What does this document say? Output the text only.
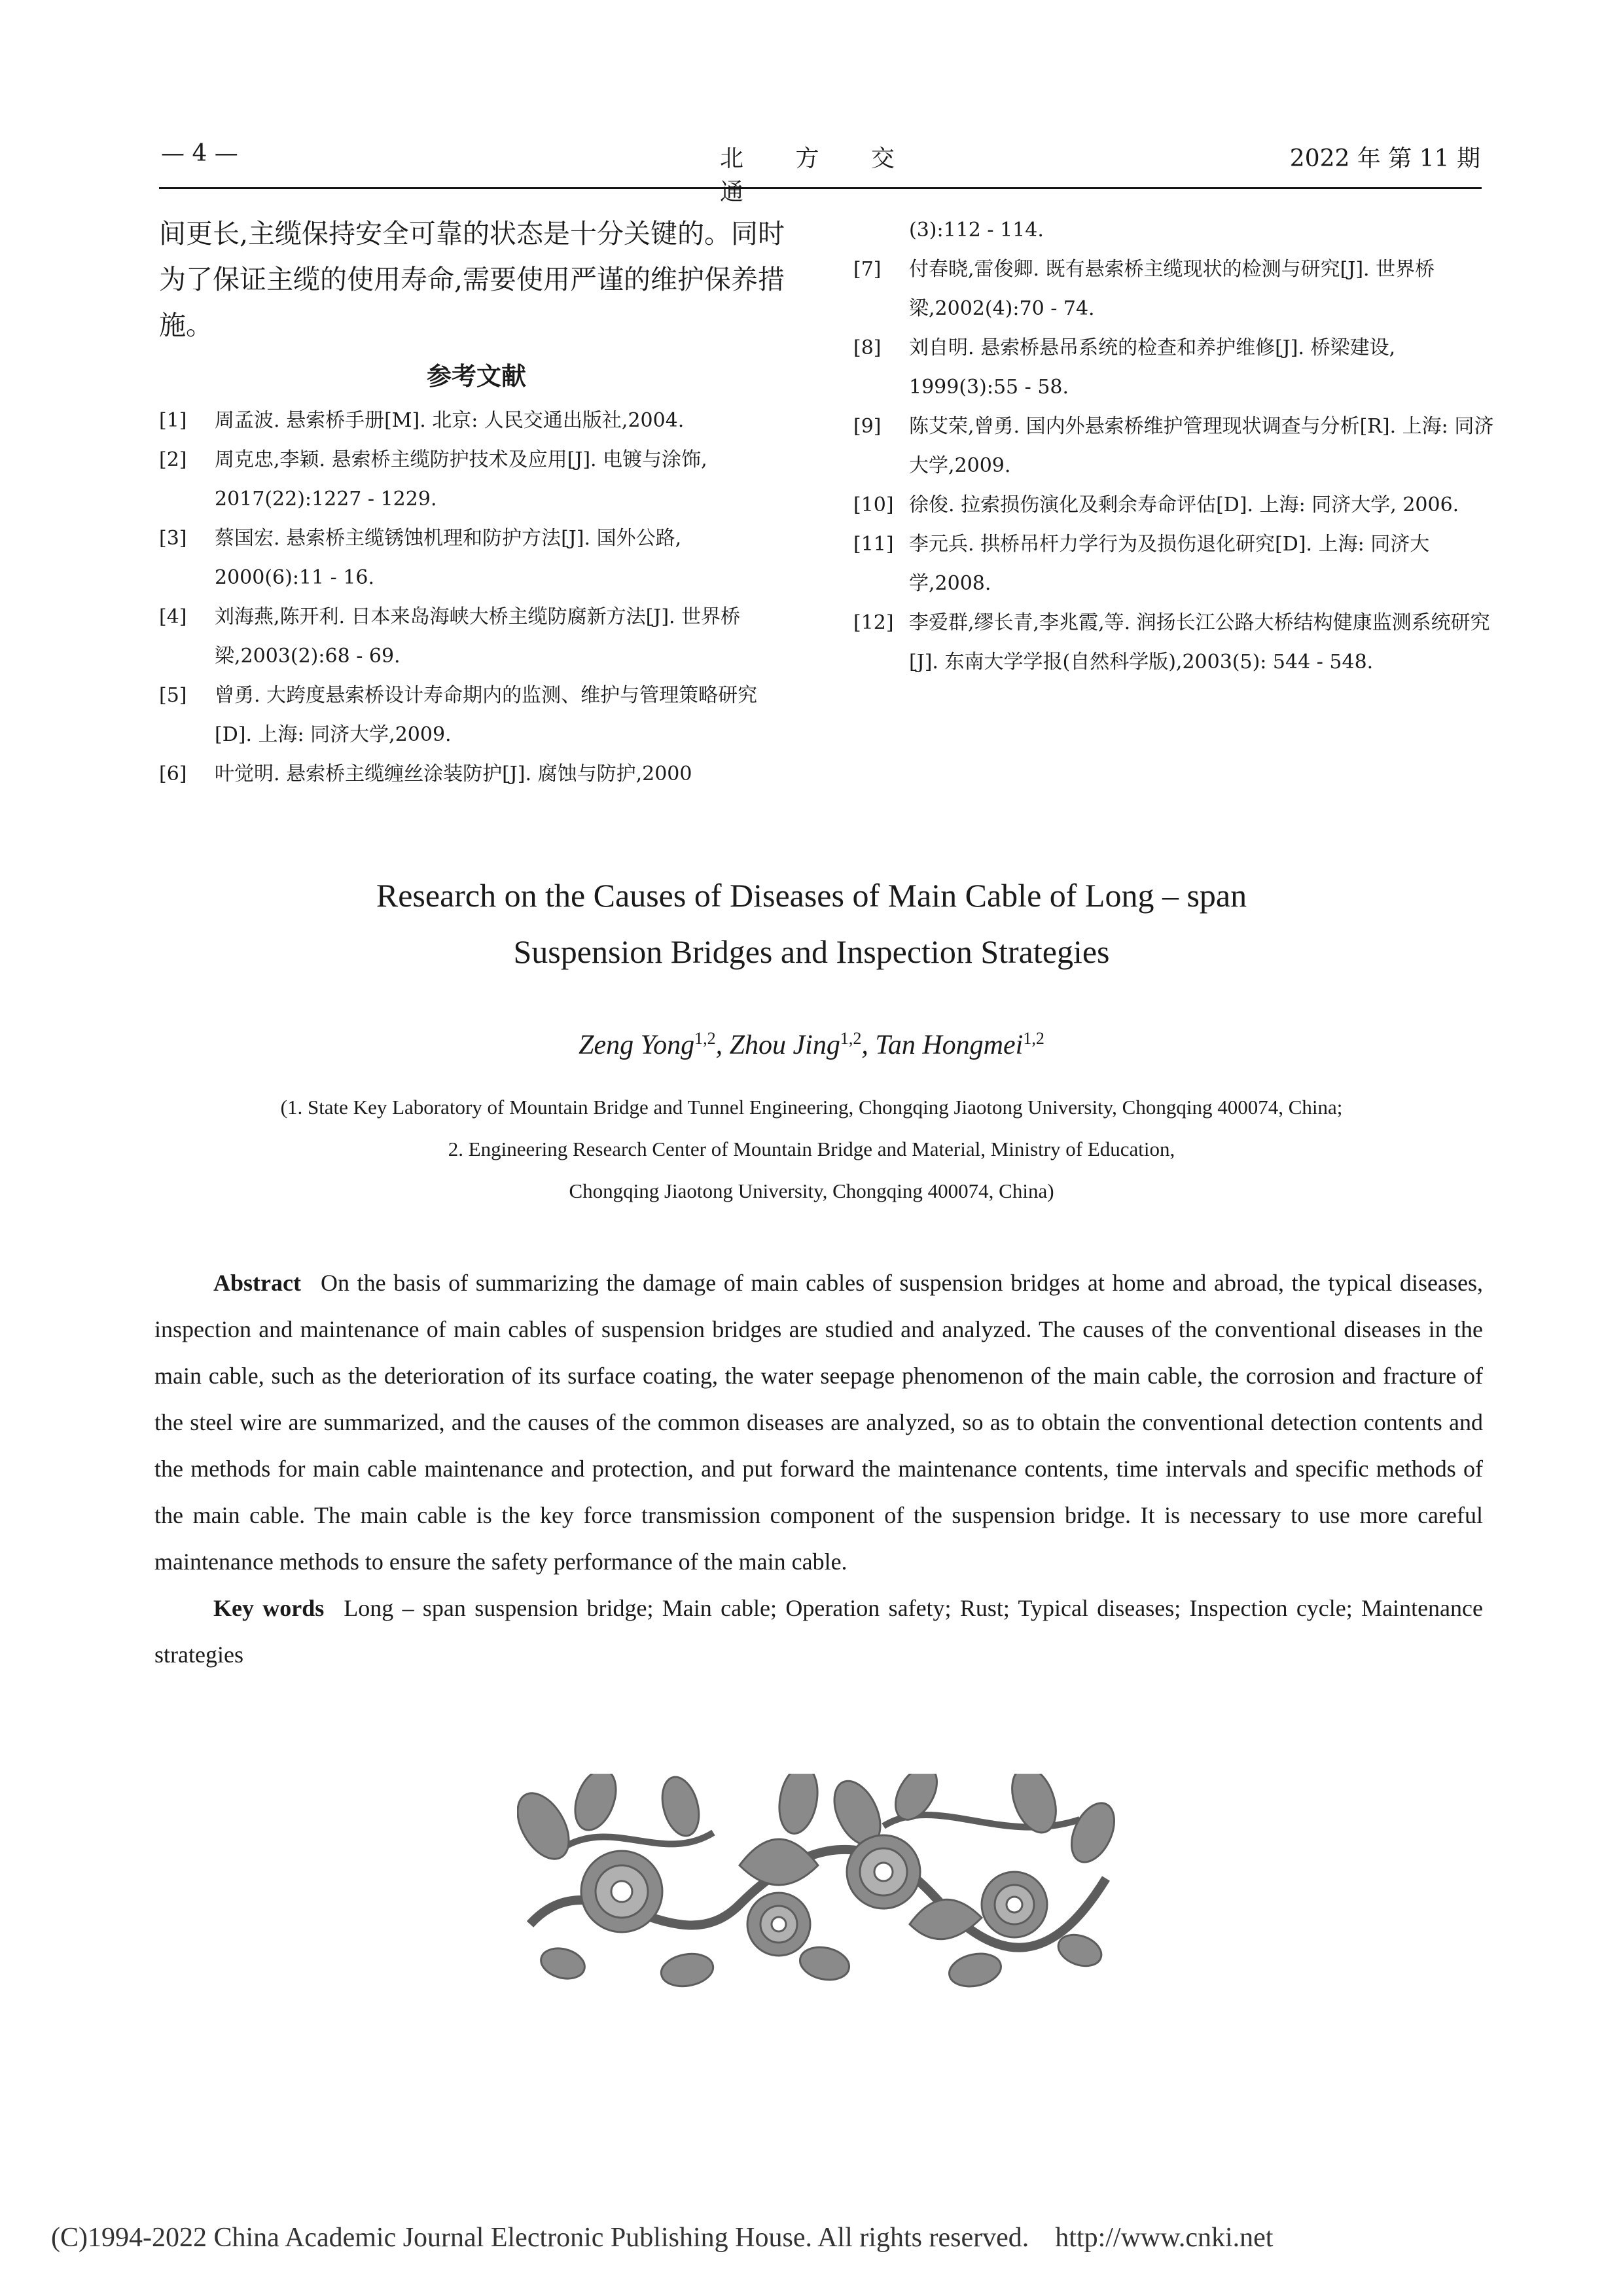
— 4 —	北 方 交 通
2022 年 第 11 期

间更长,主缆保持安全可靠的状态是十分关键的。同时为了保证主缆的使用寿命,需要使用严谨的维护保养措施。

参考文献
[1]	周孟波. 悬索桥手册[M]. 北京: 人民交通出版社,2004.
[2]	周克忠,李颖. 悬索桥主缆防护技术及应用[J]. 电镀与涂饰, 2017(22):1227 - 1229.
[3]	蔡国宏. 悬索桥主缆锈蚀机理和防护方法[J]. 国外公路, 2000(6):11 - 16.
[4]	刘海燕,陈开利. 日本来岛海峡大桥主缆防腐新方法[J]. 世界桥梁,2003(2):68 - 69.
[5]	曾勇. 大跨度悬索桥设计寿命期内的监测、维护与管理策略研究[D]. 上海: 同济大学,2009.
[6]	叶觉明. 悬索桥主缆缠丝涂装防护[J]. 腐蚀与防护,2000
(3):112 - 114.
[7]	付春晓,雷俊卿. 既有悬索桥主缆现状的检测与研究[J]. 世界桥梁,2002(4):70 - 74.
[8]	刘自明. 悬索桥悬吊系统的检查和养护维修[J]. 桥梁建设, 1999(3):55 - 58.
[9]	陈艾荣,曾勇. 国内外悬索桥维护管理现状调查与分析[R]. 上海: 同济大学,2009.
[10] 徐俊. 拉索损伤演化及剩余寿命评估[D]. 上海: 同济大学, 2006.
[11] 李元兵. 拱桥吊杆力学行为及损伤退化研究[D]. 上海: 同济大学,2008.
[12] 李爱群,缪长青,李兆霞,等. 润扬长江公路大桥结构健康监测系统研究[J]. 东南大学学报(自然科学版),2003(5): 544 - 548.
Research on the Causes of Diseases of Main Cable of Long – span
Suspension Bridges and Inspection Strategies
Zeng Yong$^{1,2}$, Zhou Jing$^{1,2}$, Tan Hongmei$^{1,2}$
(1. State Key Laboratory of Mountain Bridge and Tunnel Engineering, Chongqing Jiaotong University, Chongqing 400074, China;
2. Engineering Research Center of Mountain Bridge and Material, Ministry of Education,
Chongqing Jiaotong University, Chongqing 400074, China)

Abstract On the basis of summarizing the damage of main cables of suspension bridges at home and abroad, the typical diseases, inspection and maintenance of main cables of suspension bridges are studied and analyzed. The causes of the conventional diseases in the main cable, such as the deterioration of its surface coating, the water seepage phenomenon of the main cable, the corrosion and fracture of the steel wire are summarized, and the causes of the common diseases are analyzed, so as to obtain the conventional detection contents and the methods for main cable maintenance and protection, and put forward the maintenance contents, time intervals and specific methods of the main cable. The main cable is the key force transmission component of the suspension bridge. It is necessary to use more careful maintenance methods to ensure the safety performance of the main cable.

Key words Long – span suspension bridge; Main cable; Operation safety; Rust; Typical diseases; Inspection cycle; Maintenance strategies

(C)1994-2022 China Academic Journal Electronic Publishing House. All rights reserved. http://www.cnki.net
